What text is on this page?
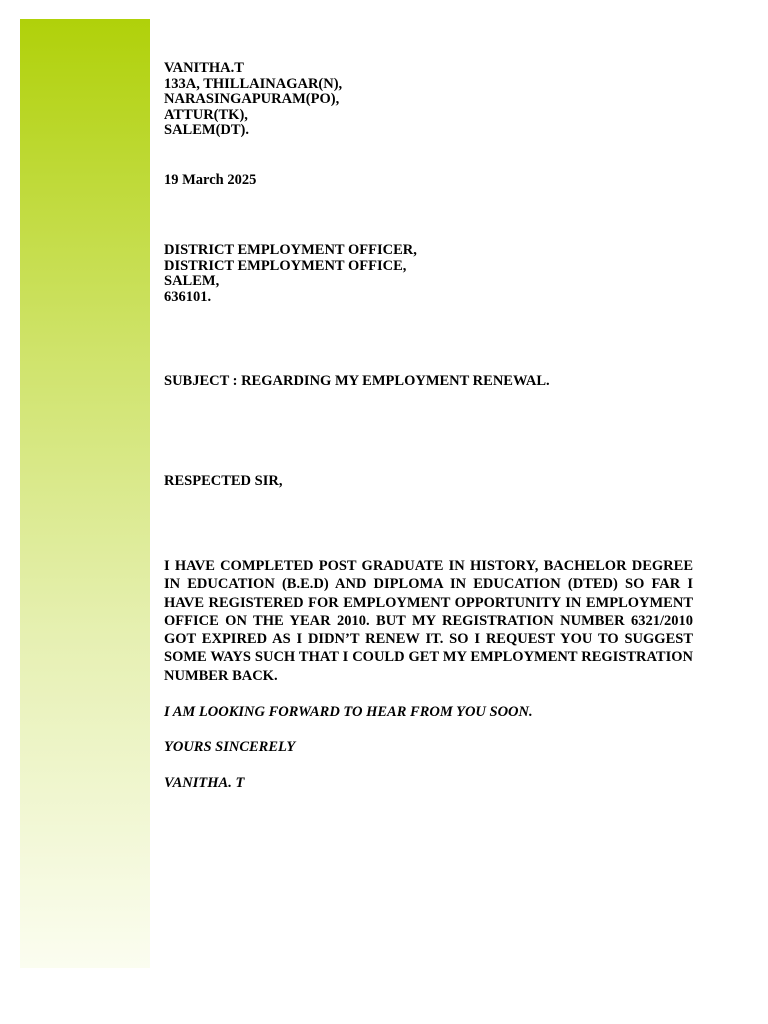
VANITHA.T
133A, THILLAINAGAR(N),
NARASINGAPURAM(PO),
ATTUR(TK),
SALEM(DT).
19 March 2025
DISTRICT EMPLOYMENT OFFICER,
DISTRICT EMPLOYMENT OFFICE,
SALEM,
636101.
SUBJECT : REGARDING MY EMPLOYMENT RENEWAL.
RESPECTED SIR,

I HAVE COMPLETED POST GRADUATE IN HISTORY, BACHELOR DEGREE IN EDUCATION (B.E.D) AND DIPLOMA IN EDUCATION (DTED) SO FAR I HAVE REGISTERED FOR EMPLOYMENT OPPORTUNITY IN EMPLOYMENT OFFICE ON THE YEAR 2010. BUT MY REGISTRATION NUMBER 6321/2010 GOT EXPIRED AS I DIDN’T RENEW IT. SO I REQUEST YOU TO SUGGEST SOME WAYS SUCH THAT I COULD GET MY EMPLOYMENT REGISTRATION NUMBER BACK.

I AM LOOKING FORWARD TO HEAR FROM YOU SOON.
YOURS SINCERELY
VANITHA. T
